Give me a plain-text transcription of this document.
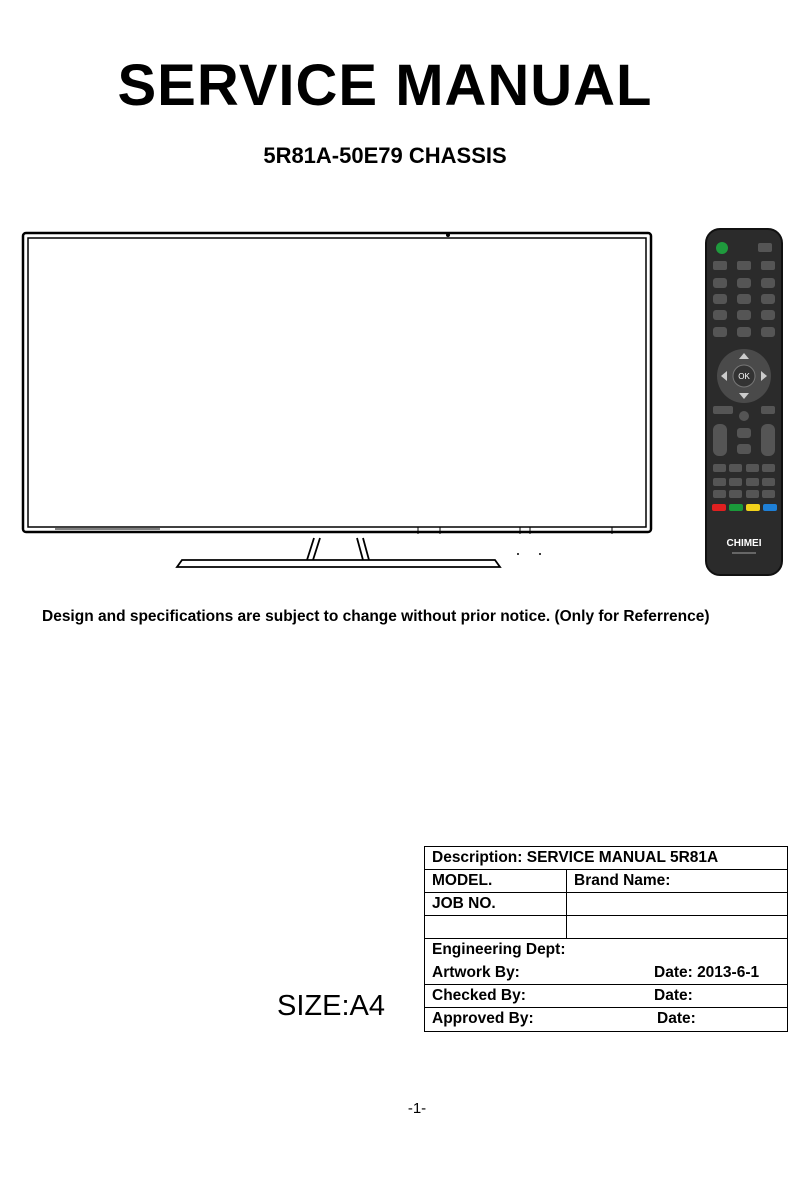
SERVICE MANUAL
5R81A-50E79 CHASSIS
OK
CHIMEI
Design and specifications are subject to change without prior notice. (Only for Referrence)
SIZE:A4
Description: SERVICE MANUAL 5R81A
MODEL.	Brand Name:
JOB NO.
Engineering Dept:
Artwork By:	Date: 2013-6-1
Checked By:	Date:
Approved By:	Date:
-1-
